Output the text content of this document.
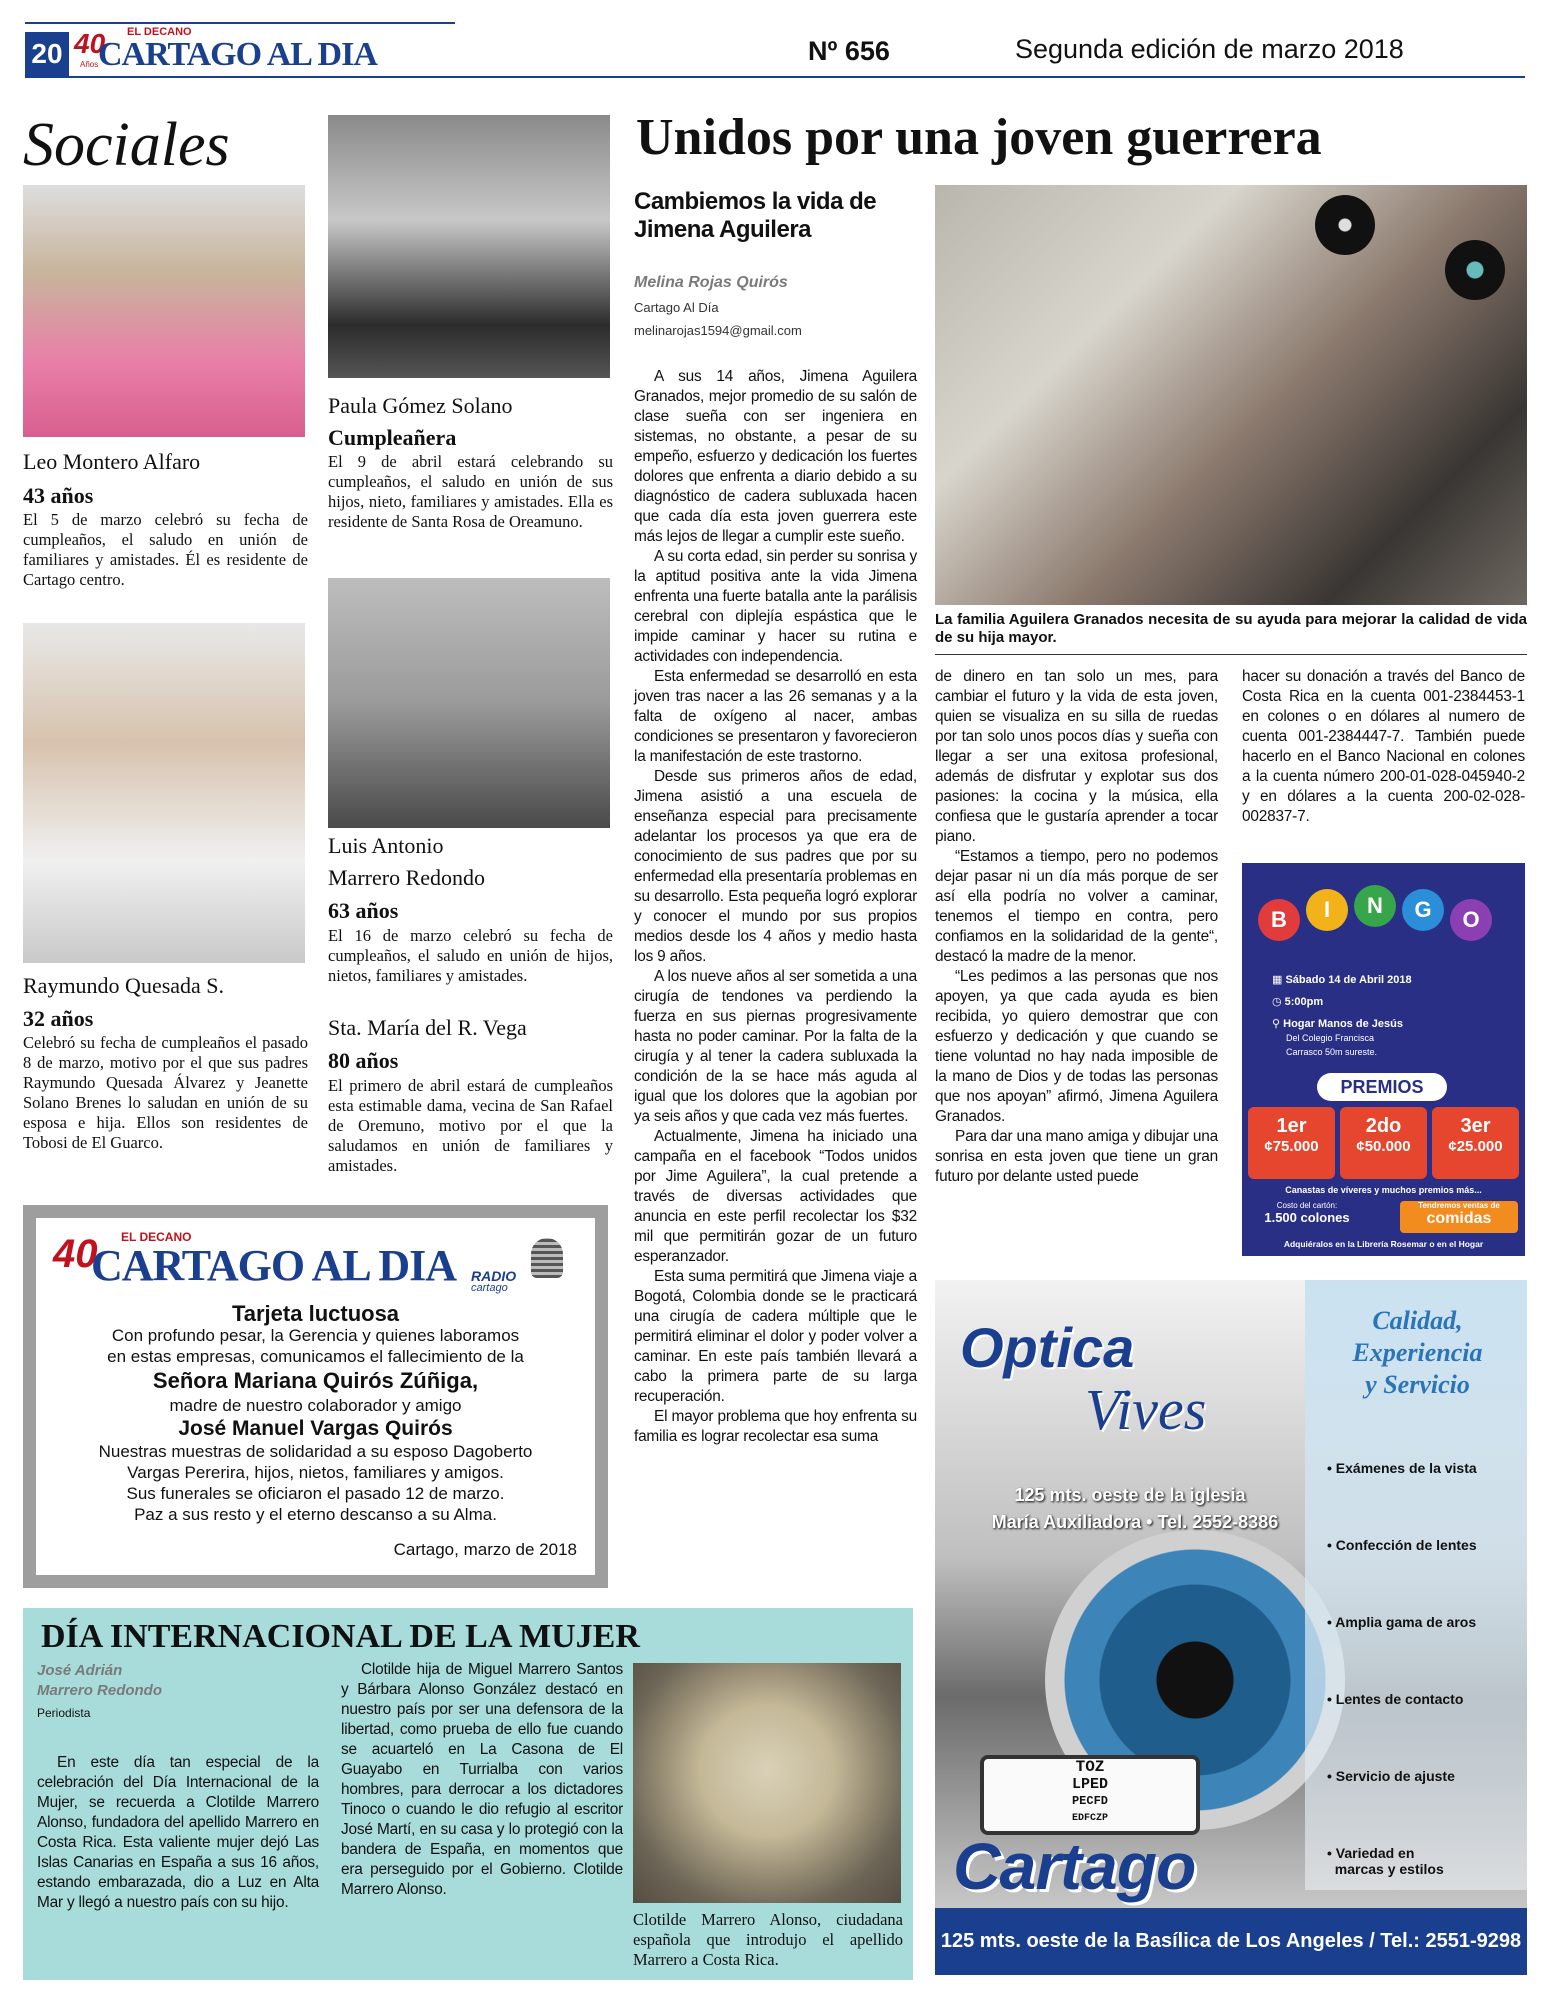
20
EL DECANO
40
Años CARTAGO AL DIA	Nº 656	Segunda edición de marzo 2018
Sociales
Leo Montero Alfaro
43 años
El 5 de marzo celebró su fecha de cumpleaños, el saludo en unión de familiares y amistades. Él es residente de Cartago centro.
Raymundo Quesada S.
32 años
Celebró su fecha de cumpleaños el pasado 8 de marzo, motivo por el que sus padres Raymundo Quesada Álvarez y Jeanette Solano Brenes lo saludan en unión de su esposa e hija. Ellos son residentes de Tobosi de El Guarco.
Paula Gómez Solano
Cumpleañera
El 9 de abril estará celebrando su cumpleaños, el saludo en unión de sus hijos, nieto, familiares y amistades. Ella es residente de Santa Rosa de Oreamuno.
Luis Antonio
Marrero Redondo
63 años
El 16 de marzo celebró su fecha de cumpleaños, el saludo en unión de hijos, nietos, familiares y amistades.
Sta. María del R. Vega
80 años
El primero de abril estará de cumpleaños esta estimable dama, vecina de San Rafael de Oremuno, motivo por el que la saludamos en unión de familiares y amistades.
40 EL DECANO
CARTAGO AL DIA RADIO
cartago
Tarjeta luctuosa
Con profundo pesar, la Gerencia y quienes laboramos
en estas empresas, comunicamos el fallecimiento de la
Señora Mariana Quirós Zúñiga,
madre de nuestro colaborador y amigo
José Manuel Vargas Quirós
Nuestras muestras de solidaridad a su esposo Dagoberto
Vargas Pererira, hijos, nietos, familiares y amigos.
Sus funerales se oficiaron el pasado 12 de marzo.
Paz a sus resto y el eterno descanso a su Alma.
Cartago, marzo de 2018
Unidos por una joven guerrera
Cambiemos la vida de
Jimena Aguilera
Melina Rojas Quirós
Cartago Al Día
melinarojas1594@gmail.com
La familia Aguilera Granados necesita de su ayuda para mejorar la calidad de vida de su hija mayor.

A sus 14 años, Jimena Aguilera Granados, mejor promedio de su salón de clase sueña con ser ingeniera en sistemas, no obstante, a pesar de su empeño, esfuerzo y dedicación los fuertes dolores que enfrenta a diario debido a su diagnóstico de cadera subluxada hacen que cada día esta joven guerrera este más lejos de llegar a cumplir este sueño.

A su corta edad, sin perder su sonrisa y la aptitud positiva ante la vida Jimena enfrenta una fuerte batalla ante la parálisis cerebral con diplejía espástica que le impide caminar y hacer su rutina e actividades con independencia.

Esta enfermedad se desarrolló en esta joven tras nacer a las 26 semanas y a la falta de oxígeno al nacer, ambas condiciones se presentaron y favorecieron la manifestación de este trastorno.

Desde sus primeros años de edad, Jimena asistió a una escuela de enseñanza especial para precisamente adelantar los procesos ya que era de conocimiento de sus padres que por su enfermedad ella presentaría problemas en su desarrollo. Esta pequeña logró explorar y conocer el mundo por sus propios medios desde los 4 años y medio hasta los 9 años.

A los nueve años al ser sometida a una cirugía de tendones va perdiendo la fuerza en sus piernas progresivamente hasta no poder caminar. Por la falta de la cirugía y al tener la cadera subluxada la condición de la se hace más aguda al igual que los dolores que la agobian por ya seis años y que cada vez más fuertes.

Actualmente, Jimena ha iniciado una campaña en el facebook “Todos unidos por Jime Aguilera”, la cual pretende a través de diversas actividades que anuncia en este perfil recolectar los $32 mil que permitirán gozar de un futuro esperanzador.

Esta suma permitirá que Jimena viaje a Bogotá, Colombia donde se le practicará una cirugía de cadera múltiple que le permitirá eliminar el dolor y poder volver a caminar. En este país también llevará a cabo la primera parte de su larga recuperación.

El mayor problema que hoy enfrenta su familia es lograr recolectar esa suma

de dinero en tan solo un mes, para cambiar el futuro y la vida de esta joven, quien se visualiza en su silla de ruedas por tan solo unos pocos días y sueña con llegar a ser una exitosa profesional, además de disfrutar y explotar sus dos pasiones: la cocina y la música, ella confiesa que le gustaría aprender a tocar piano.

“Estamos a tiempo, pero no podemos dejar pasar ni un día más porque de ser así ella podría no volver a caminar, tenemos el tiempo en contra, pero confiamos en la solidaridad de la gente“, destacó la madre de la menor.

“Les pedimos a las personas que nos apoyen, ya que cada ayuda es bien recibida, yo quiero demostrar que con esfuerzo y dedicación y que cuando se tiene voluntad no hay nada imposible de la mano de Dios y de todas las personas que nos apoyan” afirmó, Jimena Aguilera Granados.

Para dar una mano amiga y dibujar una sonrisa en esta joven que tiene un gran futuro por delante usted puede

hacer su donación a través del Banco de Costa Rica en la cuenta 001-2384453-1 en colones o en dólares al numero de cuenta 001-2384447-7. También puede hacerlo en el Banco Nacional en colones a la cuenta número 200-01-028-045940-2 y en dólares a la cuenta 200-02-028-002837-7.

B	I	N	G	O
▦ Sábado 14 de Abril 2018
◷ 5:00pm
⚲ Hogar Manos de Jesús
Del Colegio Francisca
Carrasco 50m sureste.
PREMIOS
1er
¢75.000
2do
¢50.000
3er
¢25.000
Canastas de víveres y muchos premios más...
Costo del cartón:
1.500 colones
Tendremos ventas de
comidas
Adquiéralos en la Librería Rosemar o en el Hogar
DÍA INTERNACIONAL DE LA MUJER
José Adrián
Marrero Redondo
Periodista
En este día tan especial de la celebración del Día Internacional de la Mujer, se recuerda a Clotilde Marrero Alonso, fundadora del apellido Marrero en Costa Rica. Esta valiente mujer dejó Las Islas Canarias en España a sus 16 años, estando embarazada, dio a Luz en Alta Mar y llegó a nuestro país con su hijo.
Clotilde hija de Miguel Marrero Santos y Bárbara Alonso González destacó en nuestro país por ser una defensora de la libertad, como prueba de ello fue cuando se acuarteló en La Casona de El Guayabo en Turrialba con varios hombres, para derrocar a los dictadores Tinoco o cuando le dio refugio al escritor José Martí, en su casa y lo protegió con la bandera de España, en momentos que era perseguido por el Gobierno. Clotilde Marrero Alonso.
Clotilde Marrero Alonso, ciudadana española que introdujo el apellido Marrero a Costa Rica.
Optica
Vives
125 mts. oeste de la iglesia
María Auxiliadora • Tel. 2552-8386
Calidad,
Experiencia
y Servicio
• Exámenes de la vista
• Confección de lentes
• Amplia gama de aros
• Lentes de contacto
• Servicio de ajuste
• Variedad en
marcas y estilos
TOZ
LPED
PECFD
EDFCZP
Cartago
125 mts. oeste de la Basílica de Los Angeles / Tel.: 2551-9298
